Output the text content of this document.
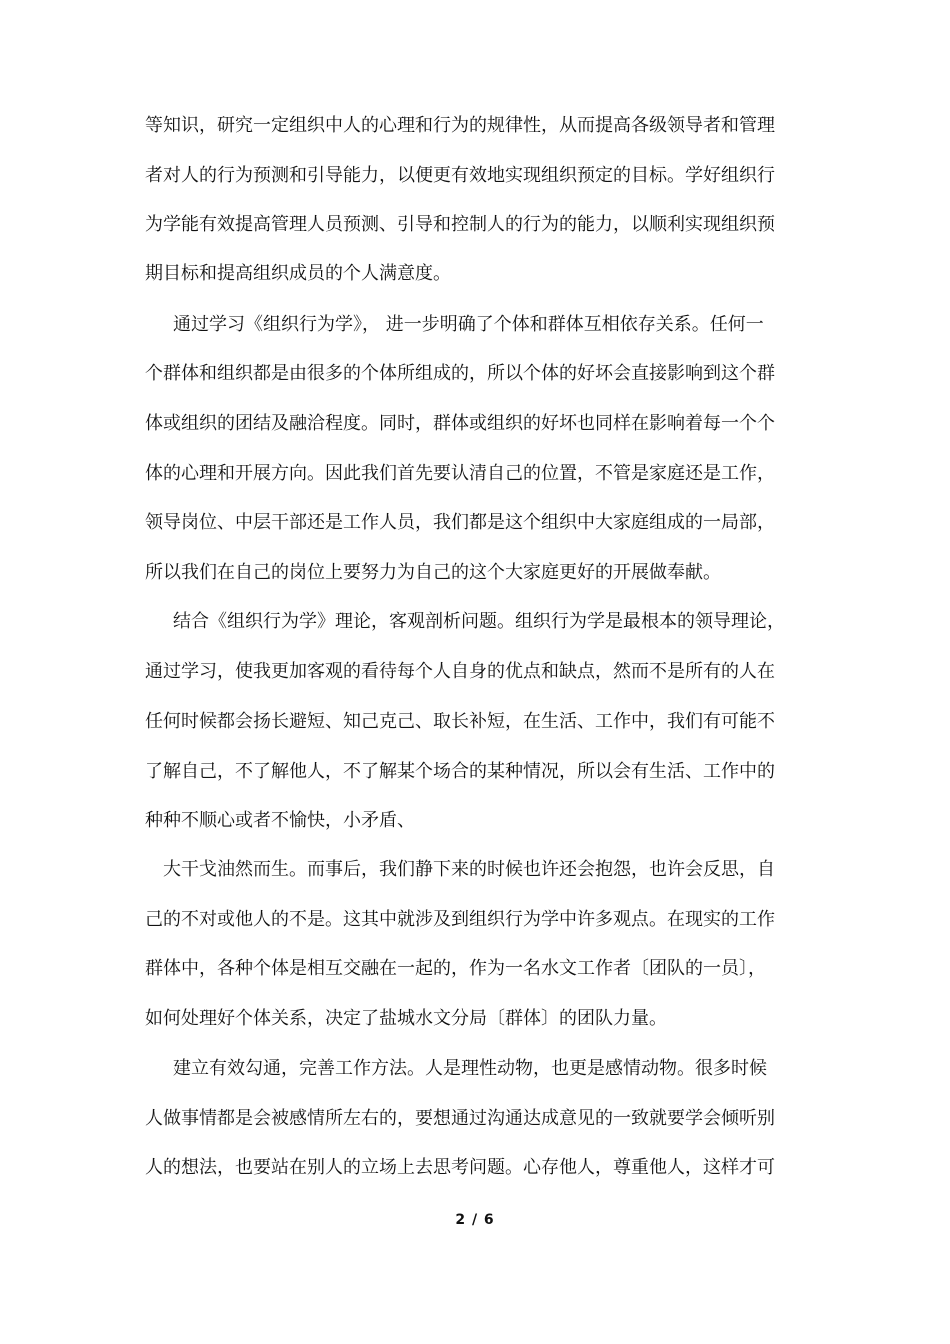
等知识，研究一定组织中人的心理和行为的规律性，从而提高各级领导者和管理
者对人的行为预测和引导能力，以便更有效地实现组织预定的目标。学好组织行
为学能有效提高管理人员预测、引导和控制人的行为的能力，以顺利实现组织预
期目标和提高组织成员的个人满意度。
通过学习《组织行为学》， 进一步明确了个体和群体互相依存关系。任何一
个群体和组织都是由很多的个体所组成的，所以个体的好坏会直接影响到这个群
体或组织的团结及融洽程度。同时，群体或组织的好坏也同样在影响着每一个个
体的心理和开展方向。因此我们首先要认清自己的位置，不管是家庭还是工作，
领导岗位、中层干部还是工作人员，我们都是这个组织中大家庭组成的一局部，
所以我们在自己的岗位上要努力为自己的这个大家庭更好的开展做奉献。
结合《组织行为学》理论，客观剖析问题。组织行为学是最根本的领导理论，
通过学习，使我更加客观的看待每个人自身的优点和缺点，然而不是所有的人在
任何时候都会扬长避短、知己克己、取长补短，在生活、工作中，我们有可能不
了解自己，不了解他人，不了解某个场合的某种情况，所以会有生活、工作中的
种种不顺心或者不愉快，小矛盾、
大干戈油然而生。而事后，我们静下来的时候也许还会抱怨，也许会反思，自
己的不对或他人的不是。这其中就涉及到组织行为学中许多观点。在现实的工作
群体中，各种个体是相互交融在一起的，作为一名水文工作者〔团队的一员〕，
如何处理好个体关系，决定了盐城水文分局〔群体〕的团队力量。
建立有效勾通，完善工作方法。人是理性动物，也更是感情动物。很多时候
人做事情都是会被感情所左右的，要想通过沟通达成意见的一致就要学会倾听别
人的想法，也要站在别人的立场上去思考问题。心存他人，尊重他人，这样才可
2 / 6
